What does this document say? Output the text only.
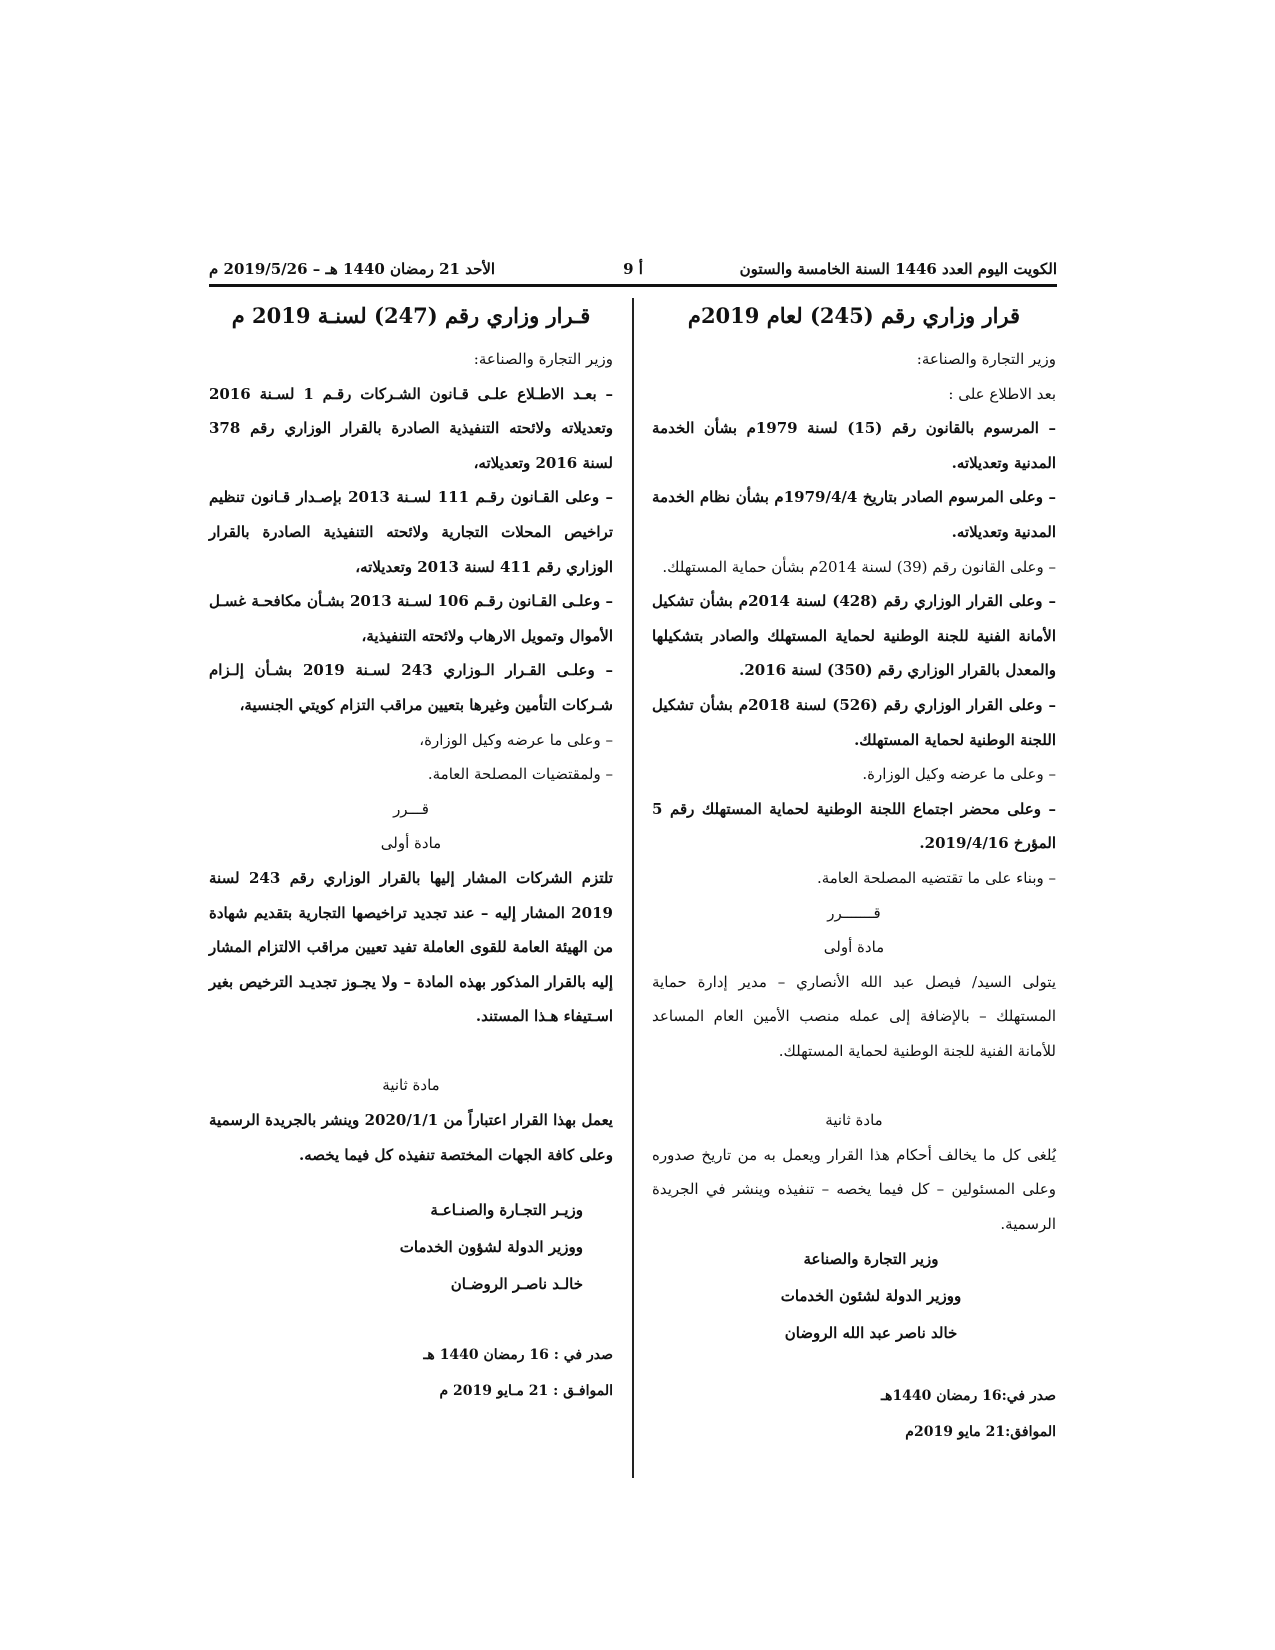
أ 9	الكويت اليوم العدد 1446 السنة الخامسة والستون
الأحد 21 رمضان 1440 هـ – 2019/5/26 م
قرار وزاري رقم (245) لعام 2019م

وزير التجارة والصناعة:

بعد الاطلاع على :

– المرسوم بالقانون رقم (15) لسنة 1979م بشأن الخدمة المدنية وتعديلاته.

– وعلى المرسوم الصادر بتاريخ 1979/4/4م بشأن نظام الخدمة المدنية وتعديلاته.

– وعلى القانون رقم (39) لسنة 2014م بشأن حماية المستهلك.

– وعلى القرار الوزاري رقم (428) لسنة 2014م بشأن تشكيل الأمانة الفنية للجنة الوطنية لحماية المستهلك والصادر بتشكيلها والمعدل بالقرار الوزاري رقم (350) لسنة 2016.

– وعلى القرار الوزاري رقم (526) لسنة 2018م بشأن تشكيل اللجنة الوطنية لحماية المستهلك.

– وعلى ما عرضه وكيل الوزارة.

– وعلى محضر اجتماع اللجنة الوطنية لحماية المستهلك رقم 5 المؤرخ 2019/4/16.

– وبناء على ما تقتضيه المصلحة العامة.

قـــــــرر

مادة أولى

يتولى السيد/ فيصل عبد الله الأنصاري – مدير إدارة حماية المستهلك – بالإضافة إلى عمله منصب الأمين العام المساعد للأمانة الفنية للجنة الوطنية لحماية المستهلك.

مادة ثانية

يُلغى كل ما يخالف أحكام هذا القرار ويعمل به من تاريخ صدوره وعلى المسئولين – كل فيما يخصه – تنفيذه وينشر في الجريدة الرسمية.

وزير التجارة والصناعة

ووزير الدولة لشئون الخدمات

خالد ناصر عبد الله الروضان

صدر في:16 رمضان 1440هـ

الموافق:21 مايو 2019م

قـرار وزاري رقم (247) لسنـة 2019 م

وزير التجارة والصناعة:

– بعـد الاطـلاع علـى قـانون الشـركات رقـم 1 لسـنة 2016 وتعديلاته ولائحته التنفيذية الصادرة بالقرار الوزاري رقم 378 لسنة 2016 وتعديلاته،

– وعلى القـانون رقـم 111 لسـنة 2013 بإصـدار قـانون تنظيم تراخيص المحلات التجارية ولائحته التنفيذية الصادرة بالقرار الوزاري رقم 411 لسنة 2013 وتعديلاته،

– وعلـى القـانون رقـم 106 لسـنة 2013 بشـأن مكافحـة غسـل الأموال وتمويل الارهاب ولائحته التنفيذية،

– وعلـى القـرار الـوزاري 243 لسـنة 2019 بشـأن إلـزام شـركات التأمين وغيرها بتعيين مراقب التزام كويتي الجنسية،

– وعلى ما عرضه وكيل الوزارة،

– ولمقتضيات المصلحة العامة.

قـــرر

مادة أولى

تلتزم الشركات المشار إليها بالقرار الوزاري رقم 243 لسنة 2019 المشار إليه – عند تجديد تراخيصها التجارية بتقديم شهادة من الهيئة العامة للقوى العاملة تفيد تعيين مراقب الالتزام المشار إليه بالقرار المذكور بهذه المادة – ولا يجـوز تجديـد الترخيص بغير اسـتيفاء هـذا المستند.

مادة ثانية

يعمل بهذا القرار اعتباراً من 2020/1/1 وينشر بالجريدة الرسمية وعلى كافة الجهات المختصة تنفيذه كل فيما يخصه.

وزيـر التجـارة والصنـاعـة

ووزير الدولة لشؤون الخدمات

خالـد ناصـر الروضـان

صدر في : 16 رمضان 1440 هـ

الموافـق : 21 مـايو 2019 م
